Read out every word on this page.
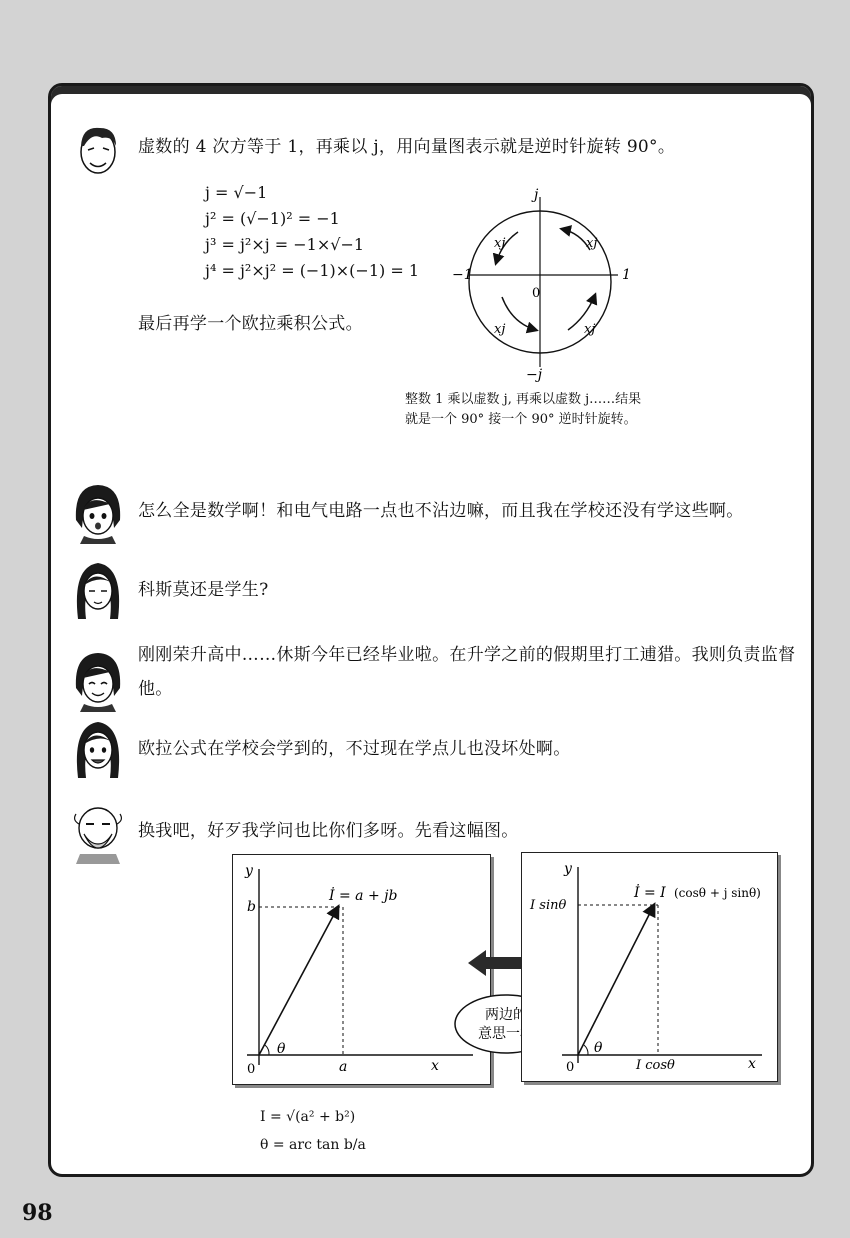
虚数的 4 次方等于 1，再乘以 j，用向量图表示就是逆时针旋转 90°。
j = √−1
j² = (√−1)² = −1
j³ = j²×j = −1×√−1
j⁴ = j²×j² = (−1)×(−1) = 1
最后再学一个欧拉乘积公式。
j
−j
−1	1
0
xj
xj
xj	xj
整数 1 乘以虚数 j, 再乘以虚数 j……结果
就是一个 90° 接一个 90° 逆时针旋转。
怎么全是数学啊！和电气电路一点也不沾边嘛，而且我在学校还没有学这些啊。
科斯莫还是学生?
刚刚荣升高中……休斯今年已经毕业啦。在升学之前的假期里打工逋猎。我则负责监督他。
欧拉公式在学校会学到的，不过现在学点儿也没坏处啊。
换我吧，好歹我学问也比你们多呀。先看这幅图。
y
x
0
İ = a + jb
b
a
θ
两边的
意思一样
y
x
0
İ = I (cosθ + j sinθ)
I sinθ
I cosθ
θ
I = √(a² + b²)
θ = arc tan b/a
98
